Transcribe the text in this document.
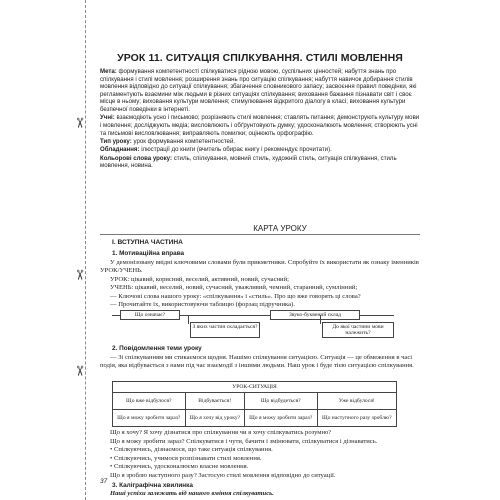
✂
✂
✂
УРОК 11. СИТУАЦІЯ СПІЛКУВАННЯ. СТИЛІ МОВЛЕННЯ

Мета: формування компетентності спілкуватися рідною мовою, суспільних цінностей; набуття знань про спілкування і стилі мовлення; розширення знань про ситуацію спілкування; набуття навичок добирання стилів мовлення відповідно до ситуації спілкування; збагачення словникового запасу; засвоєння правил поведінки, які регламентують взаємини між людьми в різних ситуаціях спілкування; виховання бажання пізнавати світ і своє місце в ньому; виховання культури мовлення; стимулювання відкритого діалогу в класі; виховання культури безпечної поведінки в інтернеті.

Учні: взаємодіють усно і письмово; розрізняють стилі мовлення; ставлять питання; демонструють культуру мови і мовлення; досліджують медіа; висловлюють і обґрунтовують думку; удосконалюють мовлення; створюють усні та письмові висловлювання; виправляють помилки; оцінюють орфографію.

Тип уроку: урок формування компетентностей.

Обладнання: ілюстрації до книги (вчитель обирає книгу і рекомендує прочитати).

Кольорові слова уроку: стиль, спілкування, мовний стиль, художній стиль, ситуація спілкування, стиль мовлення, новина.

КАРТА УРОКУ
І. ВСТУПНА ЧАСТИНА
1. Мотиваційна вправа

У демонізовану ввідні ключовими словами були прикметники. Спробуйте їх використати як ознаку іменників УРОК/УЧЕНЬ.

УРОК: цікавий, корисний, веселий, активний, новий, сучасний;

УЧЕНЬ: цікавий, веселий, новий, сучасний, уважливий, чемний, старанний, сумлінний;

— Ключові слова нашого уроку: «спілкування» і «стиль». Про що вже говорять ці слова?

— Прочитайте їх, використовуючи таблицю (форзац підручника).

Що означає?	Звуко-буквений склад
З яких частин складається?	До якої частини мови належить?
2. Повідомлення теми уроку

— Зі спілкуванням ми стикаємося щодня. Нашімо спілкування ситуацією. Ситуація — це обмеження в часі подія, яка відбувається з нами під час взаємодії з іншими людьми. Наш урок і буде тією ситуацією спілкування.

УРОК-СИТУАЦІЯ			
Що вже відбулося?	Відбувається!	Що відбудеться?	Уже відбулося!
Що я можу зробити зараз?	Що я хочу від уроку?	Що я можу зробити зараз?	Що наступного разу зроблю?

Що я хочу? Я хочу дізнатися про спілкування чи я хочу спілкуватись розумно?

Що я можу зробити зараз? Спілкуватися і чути, бачити і змінювати, спілкуватися і дізнаватись.

• Спілкуючись, дізнаємося, що таке ситуація спілкування.

• Спілкуючись, учимося розпізнавати стилі мовлення.

• Спілкуючись, удосконалюємо власне мовлення.

Що я зроблю наступного разу? Застосую стилі мовлення відповідно до ситуації.

3. Каліграфічна хвилинка

Наші успіхи залежать від нашого вміння спілкуватись.

37
